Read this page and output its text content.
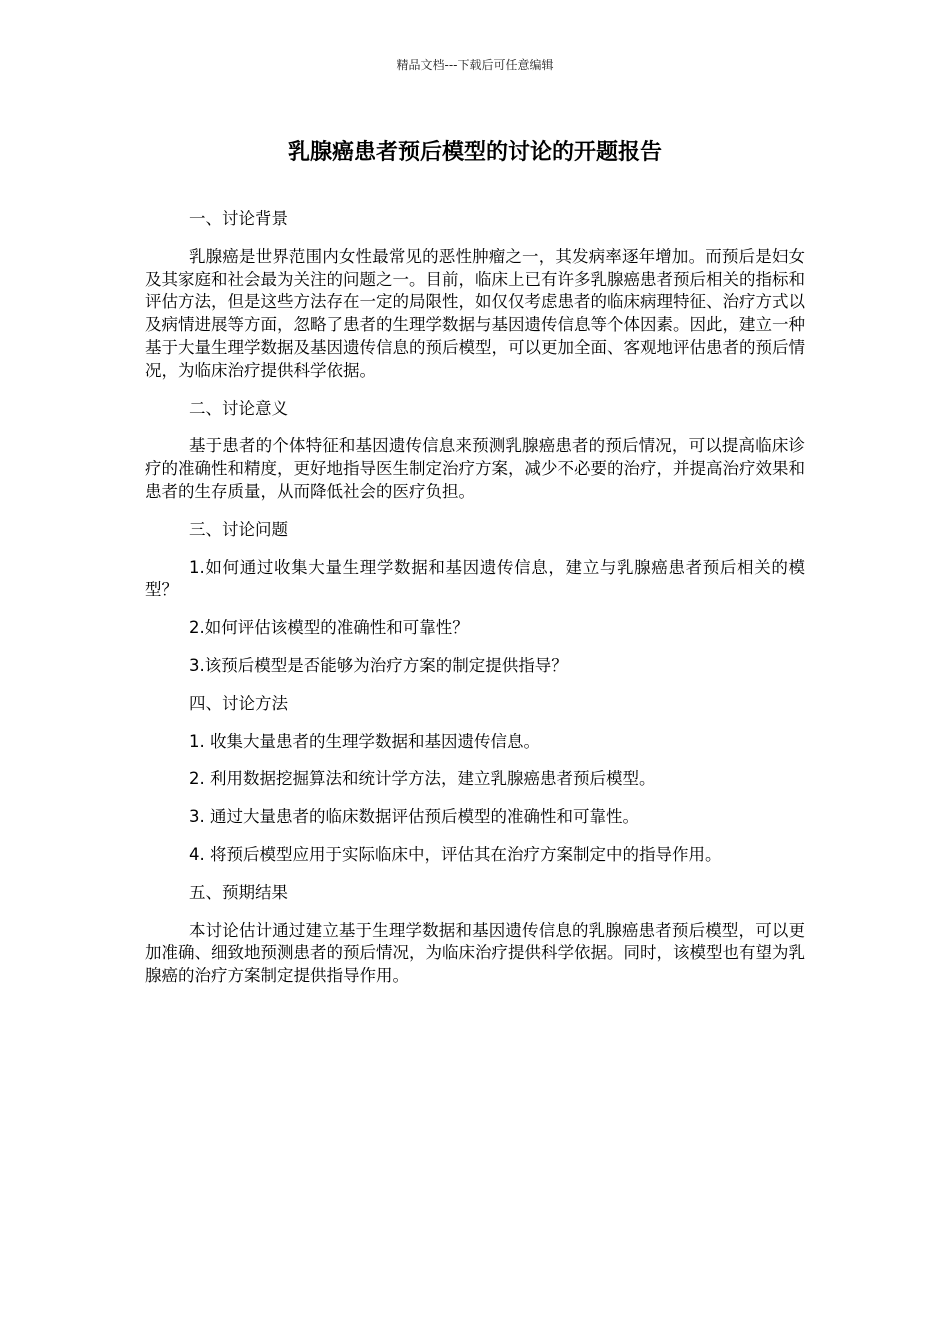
精品文档---下载后可任意编辑
乳腺癌患者预后模型的讨论的开题报告

一、讨论背景

乳腺癌是世界范围内女性最常见的恶性肿瘤之一，其发病率逐年增加。而预后是妇女及其家庭和社会最为关注的问题之一。目前，临床上已有许多乳腺癌患者预后相关的指标和评估方法，但是这些方法存在一定的局限性，如仅仅考虑患者的临床病理特征、治疗方式以及病情进展等方面，忽略了患者的生理学数据与基因遗传信息等个体因素。因此，建立一种基于大量生理学数据及基因遗传信息的预后模型，可以更加全面、客观地评估患者的预后情况，为临床治疗提供科学依据。

二、讨论意义

基于患者的个体特征和基因遗传信息来预测乳腺癌患者的预后情况，可以提高临床诊疗的准确性和精度，更好地指导医生制定治疗方案，减少不必要的治疗，并提高治疗效果和患者的生存质量，从而降低社会的医疗负担。

三、讨论问题

1.如何通过收集大量生理学数据和基因遗传信息，建立与乳腺癌患者预后相关的模型？

2.如何评估该模型的准确性和可靠性？

3.该预后模型是否能够为治疗方案的制定提供指导？

四、讨论方法

1. 收集大量患者的生理学数据和基因遗传信息。

2. 利用数据挖掘算法和统计学方法，建立乳腺癌患者预后模型。

3. 通过大量患者的临床数据评估预后模型的准确性和可靠性。

4. 将预后模型应用于实际临床中，评估其在治疗方案制定中的指导作用。

五、预期结果

本讨论估计通过建立基于生理学数据和基因遗传信息的乳腺癌患者预后模型，可以更加准确、细致地预测患者的预后情况，为临床治疗提供科学依据。同时，该模型也有望为乳腺癌的治疗方案制定提供指导作用。
